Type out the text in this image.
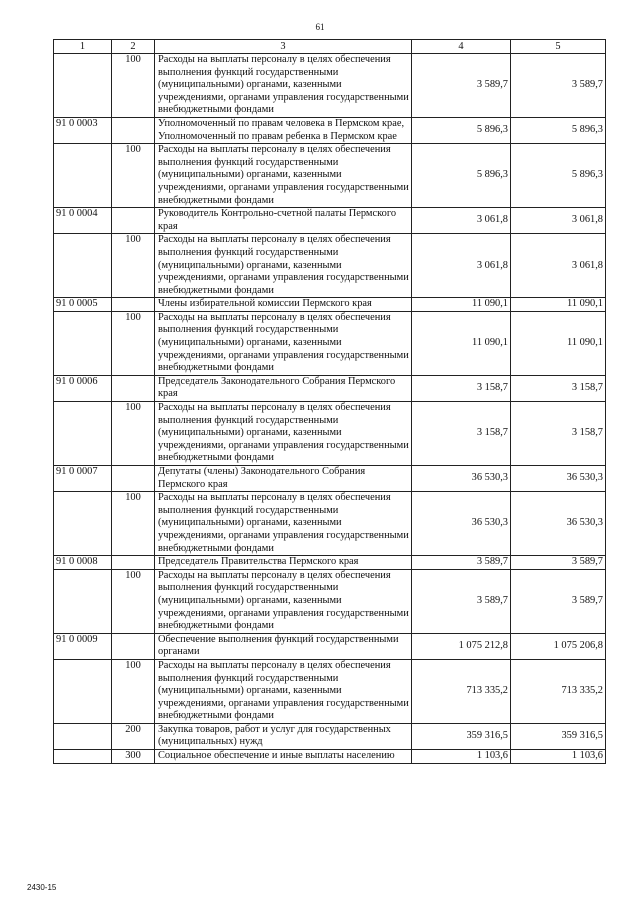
61
1	2	3	4	5
	100	Расходы на выплаты персоналу в целях обеспечения выполнения функций государственными (муниципальными) органами, казенными учреждениями, органами управления государственными внебюджетными фондами	3 589,7	3 589,7
91 0 0003		Уполномоченный по правам человека в Пермском крае, Уполномоченный по правам ребенка в Пермском крае	5 896,3	5 896,3
	100	Расходы на выплаты персоналу в целях обеспечения выполнения функций государственными (муниципальными) органами, казенными учреждениями, органами управления государственными внебюджетными фондами	5 896,3	5 896,3
91 0 0004		Руководитель Контрольно-счетной палаты Пермского края	3 061,8	3 061,8
	100	Расходы на выплаты персоналу в целях обеспечения выполнения функций государственными (муниципальными) органами, казенными учреждениями, органами управления государственными внебюджетными фондами	3 061,8	3 061,8
91 0 0005		Члены избирательной комиссии Пермского края	11 090,1	11 090,1
	100	Расходы на выплаты персоналу в целях обеспечения выполнения функций государственными (муниципальными) органами, казенными учреждениями, органами управления государственными внебюджетными фондами	11 090,1	11 090,1
91 0 0006		Председатель Законодательного Собрания Пермского края	3 158,7	3 158,7
	100	Расходы на выплаты персоналу в целях обеспечения выполнения функций государственными (муниципальными) органами, казенными учреждениями, органами управления государственными внебюджетными фондами	3 158,7	3 158,7
91 0 0007		Депутаты (члены) Законодательного Собрания Пермского края	36 530,3	36 530,3
	100	Расходы на выплаты персоналу в целях обеспечения выполнения функций государственными (муниципальными) органами, казенными учреждениями, органами управления государственными внебюджетными фондами	36 530,3	36 530,3
91 0 0008		Председатель Правительства Пермского края	3 589,7	3 589,7
	100	Расходы на выплаты персоналу в целях обеспечения выполнения функций государственными (муниципальными) органами, казенными учреждениями, органами управления государственными внебюджетными фондами	3 589,7	3 589,7
91 0 0009		Обеспечение выполнения функций государственными органами	1 075 212,8	1 075 206,8
	100	Расходы на выплаты персоналу в целях обеспечения выполнения функций государственными (муниципальными) органами, казенными учреждениями, органами управления государственными внебюджетными фондами	713 335,2	713 335,2
	200	Закупка товаров, работ и услуг для государственных (муниципальных) нужд	359 316,5	359 316,5
	300	Социальное обеспечение и иные выплаты населению	1 103,6	1 103,6
2430-15
